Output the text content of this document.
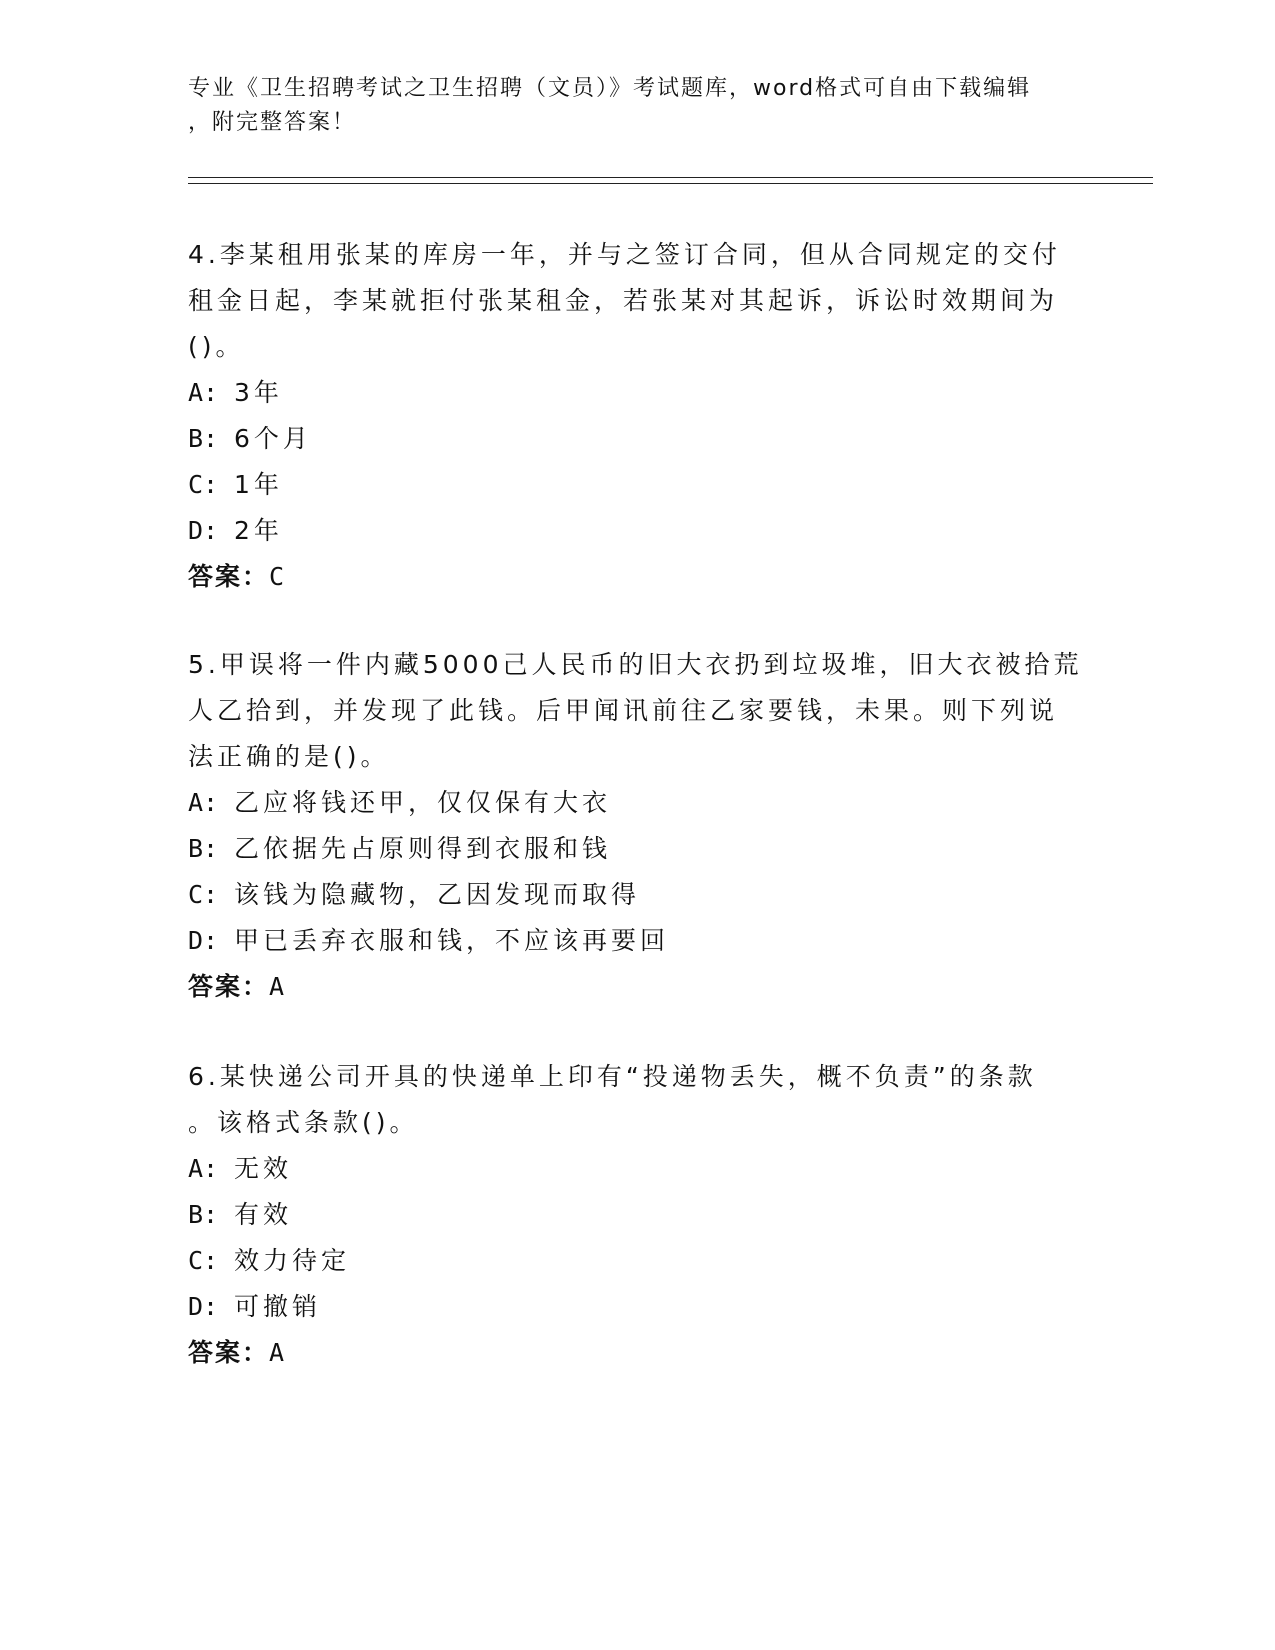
专业《卫生招聘考试之卫生招聘（文员）》考试题库，word格式可自由下载编辑
，附完整答案！
4.李某租用张某的库房一年，并与之签订合同，但从合同规定的交付
租金日起，李某就拒付张某租金，若张某对其起诉，诉讼时效期间为
()。
A: 3年
B: 6个月
C: 1年
D: 2年
答案：C
5.甲误将一件内藏5000己人民币的旧大衣扔到垃圾堆，旧大衣被拾荒
人乙拾到，并发现了此钱。后甲闻讯前往乙家要钱，未果。则下列说
法正确的是()。
A: 乙应将钱还甲，仅仅保有大衣
B: 乙依据先占原则得到衣服和钱
C: 该钱为隐藏物，乙因发现而取得
D: 甲已丢弃衣服和钱，不应该再要回
答案：A
6.某快递公司开具的快递单上印有“投递物丢失，概不负责”的条款
。该格式条款()。
A: 无效
B: 有效
C: 效力待定
D: 可撤销
答案：A
